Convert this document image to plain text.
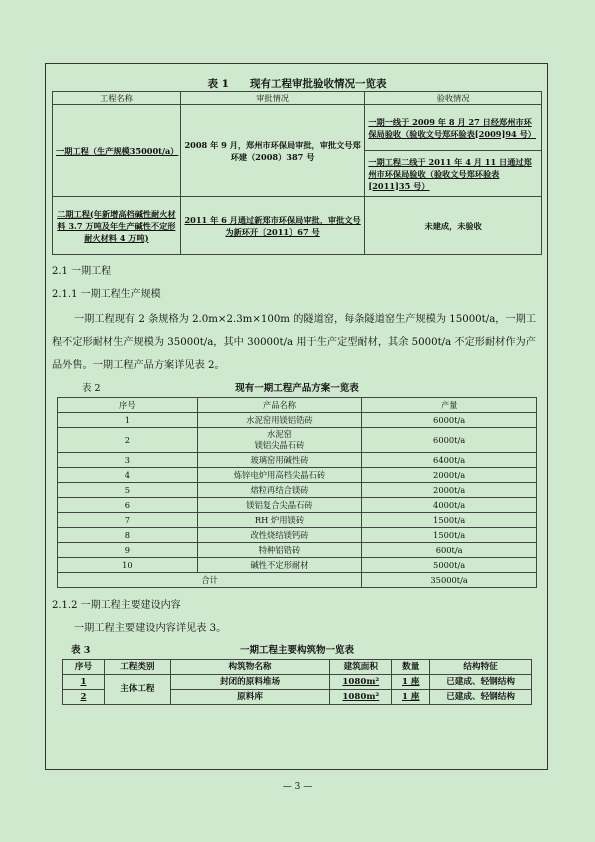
表 1　　现有工程审批验收情况一览表
工程名称	审批情况	验收情况
一期工程（生产规模35000t/a）	2008 年 9 月，郑州市环保局审批，审批文号郑环建（2008）387 号	一期一线于 2009 年 8 月 27 日经郑州市环保局验收（验收文号郑环验表[2009]94 号）
		一期工程二线于 2011 年 4 月 11 日通过郑州市环保局验收（验收文号郑环验表[2011]35 号）
二期工程(年新增高档碱性耐火材料 3.7 万吨及年生产碱性不定形耐火材料 4 万吨)	2011 年 6 月通过新郑市环保局审批，审批文号为新环开〔2011〕67 号	未建成，未验收
2.1 一期工程
2.1.1 一期工程生产规模

一期工程现有 2 条规格为 2.0m×2.3m×100m 的隧道窑，每条隧道窑生产规模为 15000t/a，一期工程不定形耐材生产规模为 35000t/a，其中 30000t/a 用于生产定型耐材，其余 5000t/a 不定形耐材作为产品外售。一期工程产品方案详见表 2。

表 2	现有一期工程产品方案一览表
序号	产品名称	产量
1	水泥窑用镁铝锆砖	6000t/a
2	水泥窑
镁铝尖晶石砖	6000t/a
3	玻璃窑用碱性砖	6400t/a
4	炼锌电炉用高档尖晶石砖	2000t/a
5	熔粒再结合镁砖	2000t/a
6	镁铝复合尖晶石砖	4000t/a
7	RH 炉用镁砖	1500t/a
8	改性烧结镁钙砖	1500t/a
9	特种铝锆砖	600t/a
10	碱性不定形耐材	5000t/a
合计		35000t/a
2.1.2 一期工程主要建设内容

一期工程主要建设内容详见表 3。

表 3	一期工程主要构筑物一览表
序号	工程类别	构筑物名称	建筑面积	数量	结构特征
1	主体工程	封闭的原料堆场	1080m²	1 座	已建成、轻钢结构
2		原料库	1080m²	1 座	已建成、轻钢结构
— 3 —
